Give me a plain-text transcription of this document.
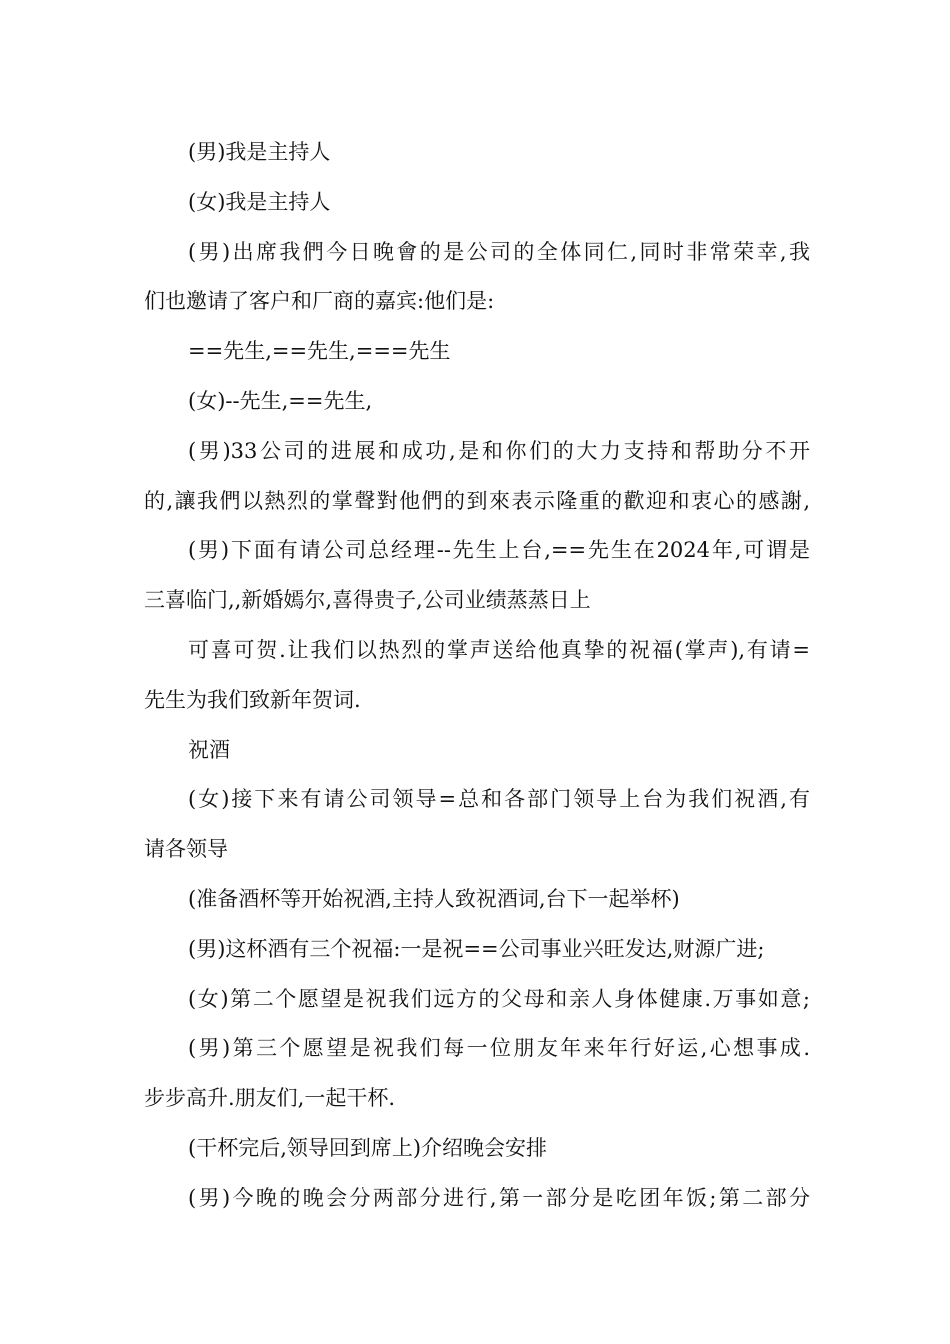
(男)我是主持人
(女)我是主持人
(男)出席我們今日晚會的是公司的全体同仁,同时非常荣幸,我
们也邀请了客户和厂商的嘉宾:他们是:
==先生,==先生,===先生
(女)--先生,==先生,
(男)33公司的进展和成功,是和你们的大力支持和帮助分不开
的,讓我們以熱烈的掌聲對他們的到來表示隆重的歡迎和衷心的感謝,
(男)下面有请公司总经理--先生上台,==先生在2024年,可谓是
三喜临门,,新婚嫣尔,喜得贵子,公司业绩蒸蒸日上
可喜可贺.让我们以热烈的掌声送给他真挚的祝福(掌声),有请=
先生为我们致新年贺词.
祝酒
(女)接下来有请公司领导=总和各部门领导上台为我们祝酒,有
请各领导
(准备酒杯等开始祝酒,主持人致祝酒词,台下一起举杯)
(男)这杯酒有三个祝福:一是祝==公司事业兴旺发达,财源广进;
(女)第二个愿望是祝我们远方的父母和亲人身体健康.万事如意;
(男)第三个愿望是祝我们每一位朋友年来年行好运,心想事成.
步步高升.朋友们,一起干杯.
(干杯完后,领导回到席上)介绍晚会安排
(男)今晚的晚会分两部分进行,第一部分是吃团年饭;第二部分
